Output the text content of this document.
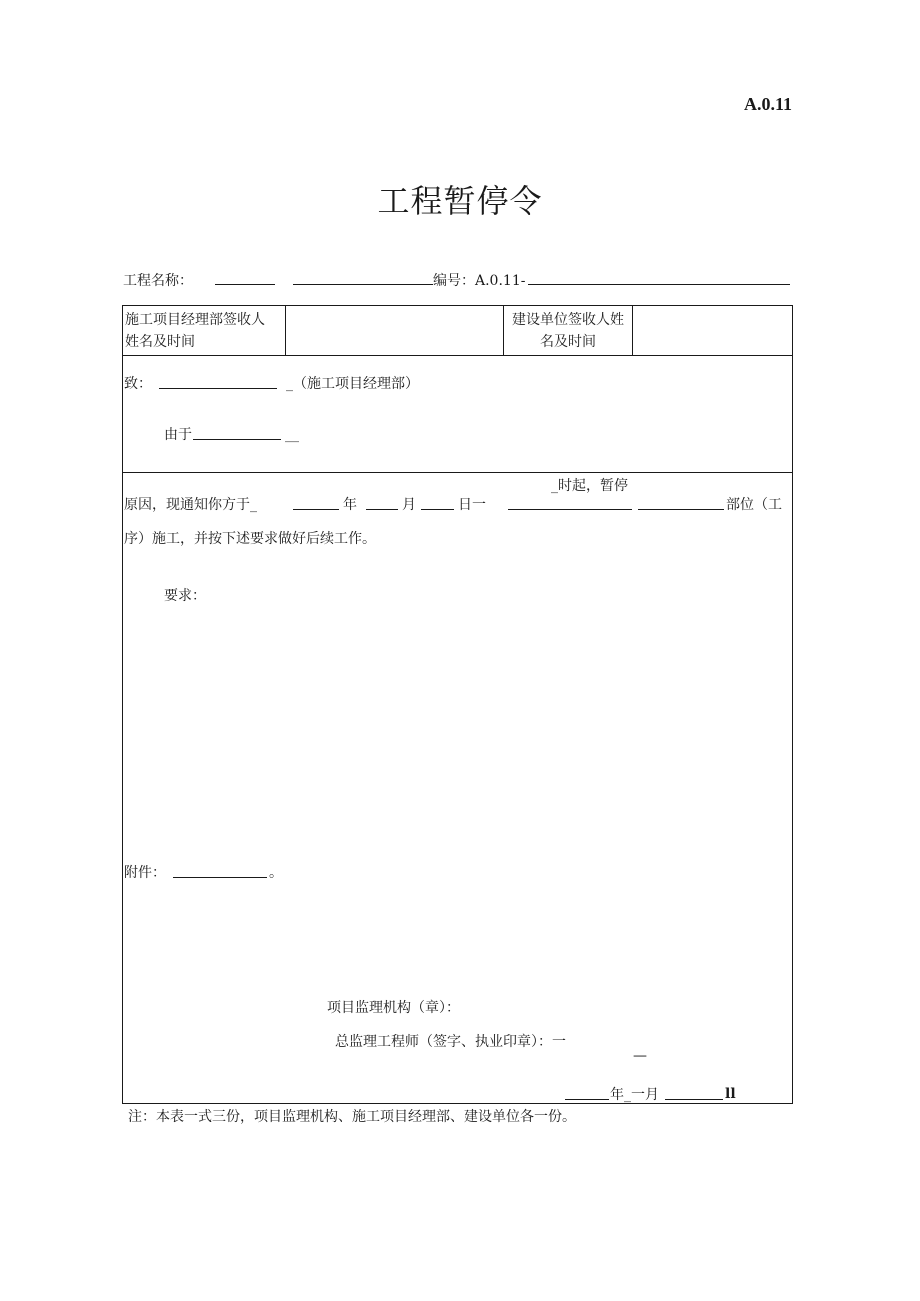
A.0.11
工程暂停令
工程名称：	编号：A.0.11-
施工项目经理部签收人
姓名及时间
建设单位签收人姓
名及时间
致：	_（施工项目经理部）
由于	__
_时起，暂停
原因，现通知你方于_	年	月	日一	部位（工
序）施工，并按下述要求做好后续工作。
要求：
附件：	。
项目监理机构（章）：
总监理工程师（签字、执业印章）：一
—
年_一月	ll
注：本表一式三份，项目监理机构、施工项目经理部、建设单位各一份。
